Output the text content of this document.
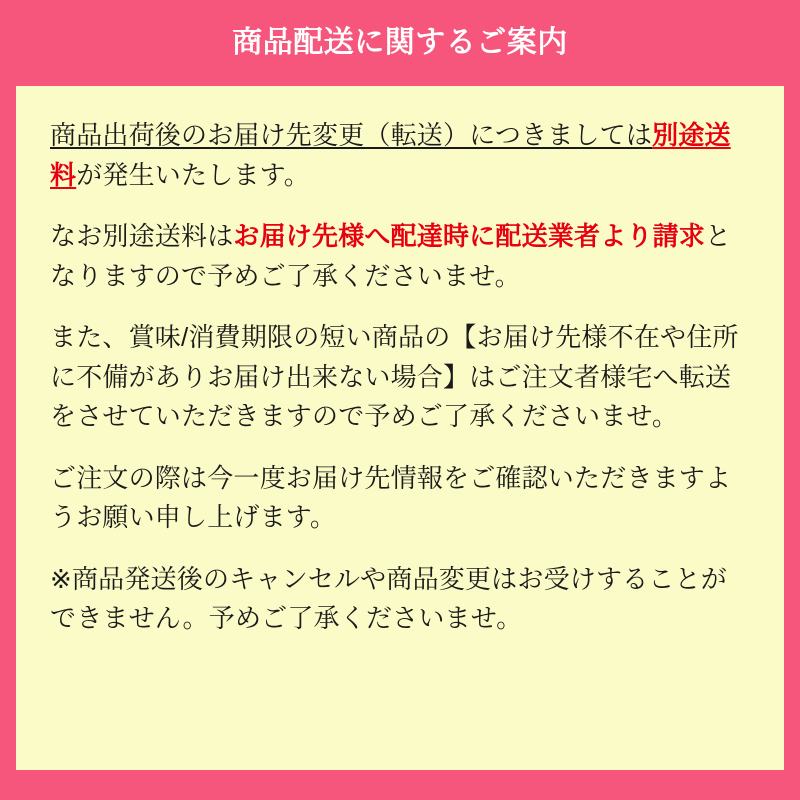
商品配送に関するご案内

商品出荷後のお届け先変更（転送）につきましては別途送料が発生いたします。

なお別途送料はお届け先様へ配達時に配送業者より請求となりますので予めご了承くださいませ。

また、賞味/消費期限の短い商品の【お届け先様不在や住所に不備がありお届け出来ない場合】はご注文者様宅へ転送をさせていただきますので予めご了承くださいませ。

ご注文の際は今一度お届け先情報をご確認いただきますようお願い申し上げます。

※商品発送後のキャンセルや商品変更はお受けすることができません。予めご了承くださいませ。
